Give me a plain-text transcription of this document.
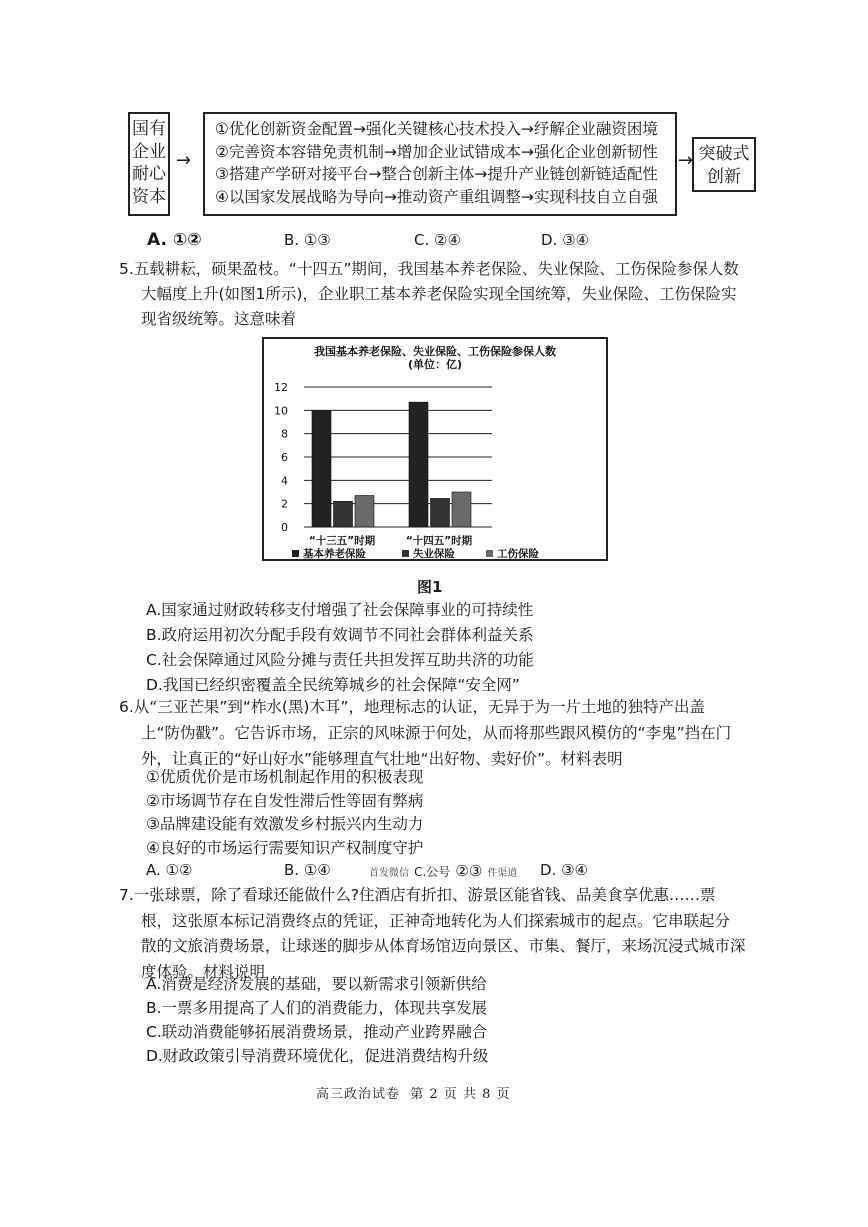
国有
企业
耐心
资本
→
①优化创新资金配置→强化关键核心技术投入→纾解企业融资困境
②完善资本容错免责机制→增加企业试错成本→强化企业创新韧性
③搭建产学研对接平台→整合创新主体→提升产业链创新链适配性
④以国家发展战略为导向→推动资产重组调整→实现科技自立自强
→ 突破式
创新
A. ①②	B. ①③	C. ②④	D. ③④
5.五载耕耘，硕果盈枝。“十四五”期间，我国基本养老保险、失业保险、工伤保险参保人数
大幅度上升(如图1所示)，企业职工基本养老保险实现全国统筹，失业保险、工伤保险实
现省级统筹。这意味着
我国基本养老保险、失业保险、工伤保险参保人数
(单位：亿)
0
2
4
6
8
10
12
“十三五”时期	“十四五”时期
基本养老保险	失业保险	工伤保险
图1
A.国家通过财政转移支付增强了社会保障事业的可持续性
B.政府运用初次分配手段有效调节不同社会群体利益关系
C.社会保障通过风险分摊与责任共担发挥互助共济的功能
D.我国已经织密覆盖全民统筹城乡的社会保障“安全网”
6.从“三亚芒果”到“柞水(黑)木耳”，地理标志的认证，无异于为一片土地的独特产出盖
上“防伪戳”。它告诉市场，正宗的风味源于何处，从而将那些跟风模仿的“李鬼”挡在门
外，让真正的“好山好水”能够理直气壮地“出好物、卖好价”。材料表明
①优质优价是市场机制起作用的积极表现
②市场调节存在自发性滞后性等固有弊病
③品牌建设能有效激发乡村振兴内生动力
④良好的市场运行需要知识产权制度守护
A. ①②	B. ①④	首发微信 C.公号 ②③ 件渠道 D. ③④
7.一张球票，除了看球还能做什么?住酒店有折扣、游景区能省钱、品美食享优惠……票
根，这张原本标记消费终点的凭证，正神奇地转化为人们探索城市的起点。它串联起分
散的文旅消费场景，让球迷的脚步从体育场馆迈向景区、市集、餐厅，来场沉浸式城市深
度体验。材料说明
A.消费是经济发展的基础，要以新需求引领新供给
B.一票多用提高了人们的消费能力，体现共享发展
C.联动消费能够拓展消费场景，推动产业跨界融合
D.财政政策引导消费环境优化，促进消费结构升级
高三政治试卷  第 2 页 共 8 页
